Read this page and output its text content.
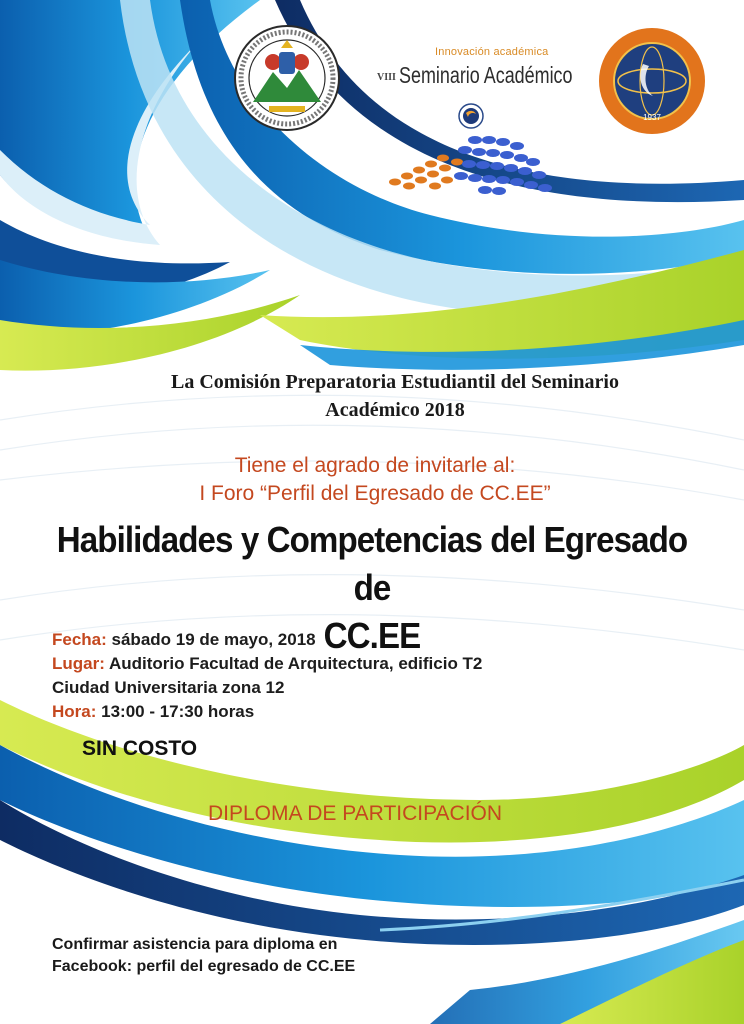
Innovación académica
VIII Seminario Académico
1937
La Comisión Preparatoria Estudiantil del Seminario
Académico 2018
Tiene el agrado de invitarle al:
I Foro “Perfil del Egresado de CC.EE”
Habilidades y Competencias del Egresado de
CC.EE
Fecha: sábado 19 de mayo, 2018
Lugar: Auditorio Facultad de Arquitectura, edificio T2
Ciudad Universitaria zona 12
Hora: 13:00 - 17:30 horas
SIN COSTO
DIPLOMA DE PARTICIPACIÓN
Confirmar asistencia para diploma en
Facebook: perfil del egresado de CC.EE
